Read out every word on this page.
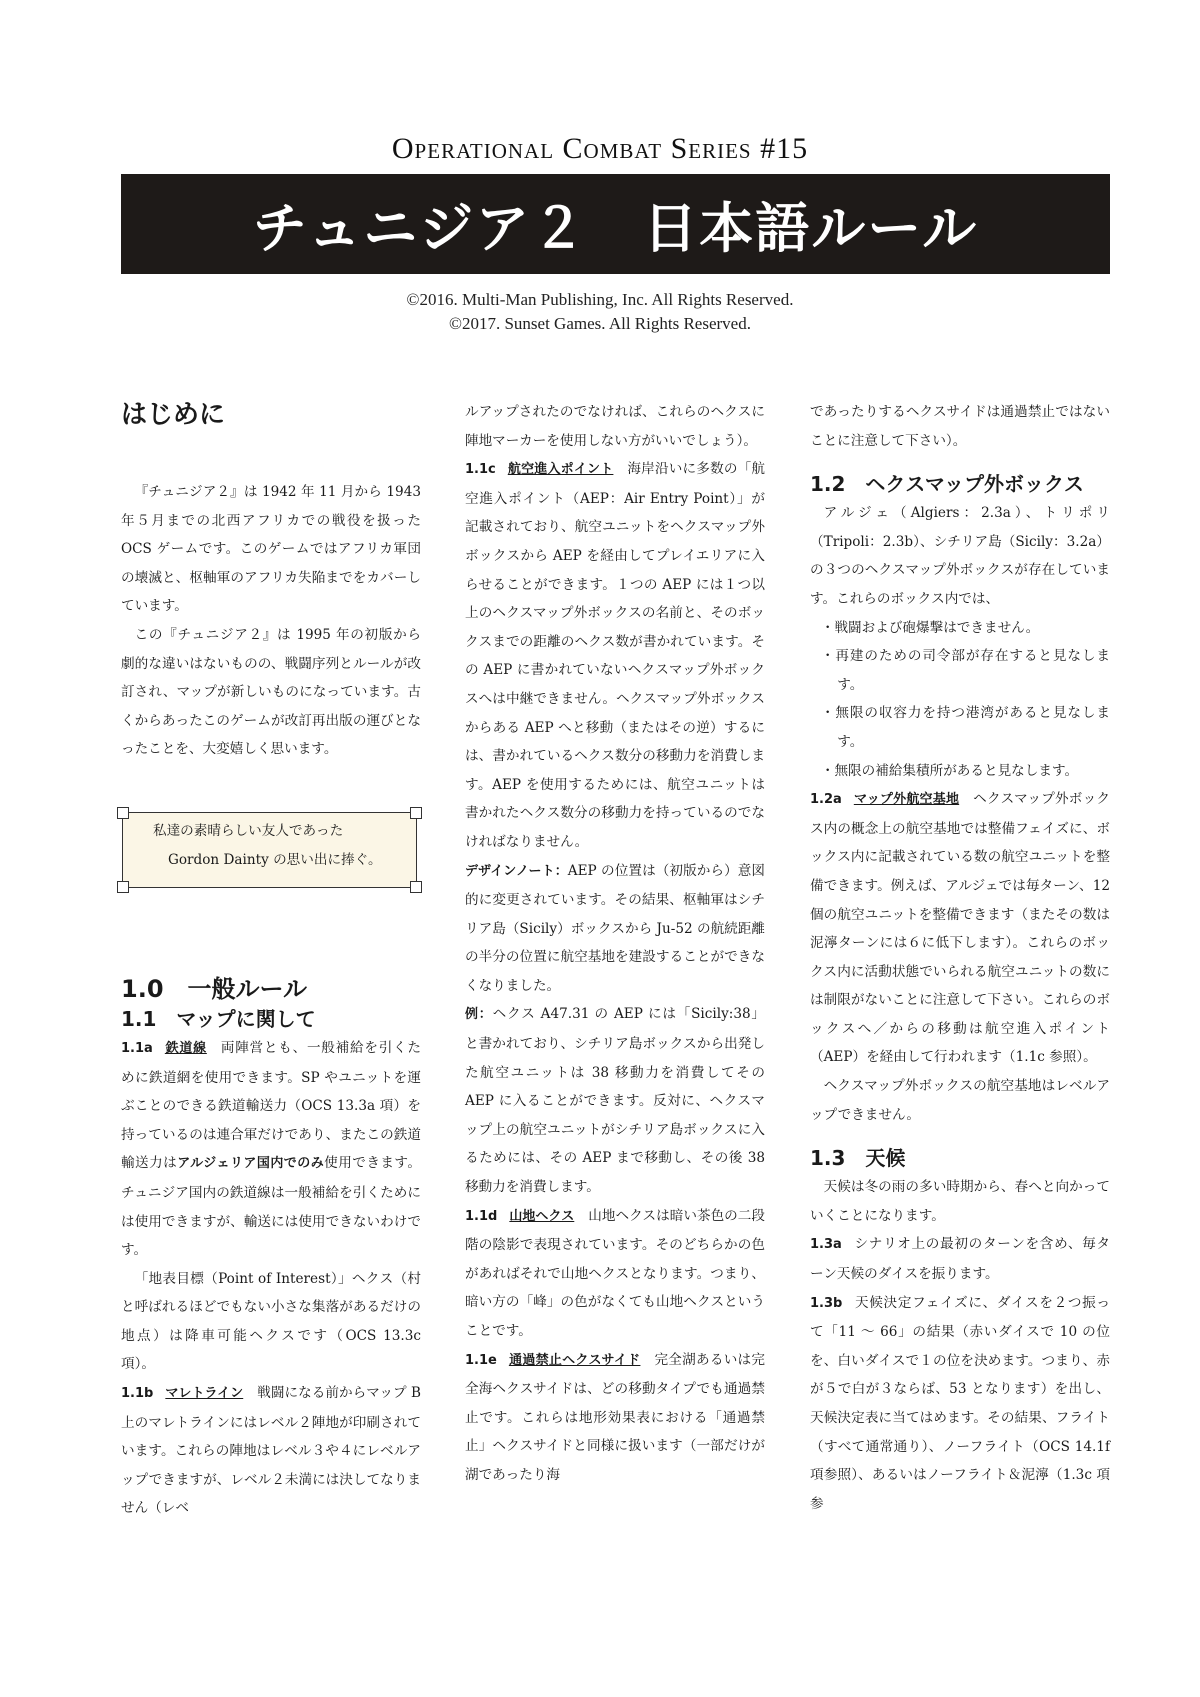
Operational Combat Series #15
チュニジア２　日本語ルール
©2016. Multi-Man Publishing, Inc. All Rights Reserved.
©2017. Sunset Games. All Rights Reserved.
はじめに

『チュニジア２』は 1942 年 11 月から 1943 年５月までの北西アフリカでの戦役を扱った OCS ゲームです。このゲームではアフリカ軍団の壊滅と、枢軸軍のアフリカ失陥までをカバーしています。

この『チュニジア２』は 1995 年の初版から劇的な違いはないものの、戦闘序列とルールが改訂され、マップが新しいものになっています。古くからあったこのゲームが改訂再出版の運びとなったことを、大変嬉しく思います。

1.0　一般ルール
1.1　マップに関して

1.1a 鉄道線 両陣営とも、一般補給を引くために鉄道網を使用できます。SP やユニットを運ぶことのできる鉄道輸送力（OCS 13.3a 項）を持っているのは連合軍だけであり、またこの鉄道輸送力はアルジェリア国内でのみ使用できます。チュニジア国内の鉄道線は一般補給を引くためには使用できますが、輸送には使用できないわけです。

「地表目標（Point of Interest）」ヘクス（村と呼ばれるほどでもない小さな集落があるだけの地点）は降車可能ヘクスです（OCS 13.3c 項）。

1.1b マレトライン 戦闘になる前からマップ B 上のマレトラインにはレベル２陣地が印刷されています。これらの陣地はレベル３や４にレベルアップできますが、レベル２未満には決してなりません（レベ

私達の素晴らしい友人であった
Gordon Dainty の思い出に捧ぐ。

ルアップされたのでなければ、これらのヘクスに陣地マーカーを使用しない方がいいでしょう）。

1.1c 航空進入ポイント 海岸沿いに多数の「航空進入ポイント（AEP：Air Entry Point）」が記載されており、航空ユニットをヘクスマップ外ボックスから AEP を経由してプレイエリアに入らせることができます。１つの AEP には１つ以上のヘクスマップ外ボックスの名前と、そのボックスまでの距離のヘクス数が書かれています。その AEP に書かれていないヘクスマップ外ボックスへは中継できません。ヘクスマップ外ボックスからある AEP へと移動（またはその逆）するには、書かれているヘクス数分の移動力を消費します。AEP を使用するためには、航空ユニットは書かれたヘクス数分の移動力を持っているのでなければなりません。

デザインノート：AEP の位置は（初版から）意図的に変更されています。その結果、枢軸軍はシチリア島（Sicily）ボックスから Ju-52 の航続距離の半分の位置に航空基地を建設することができなくなりました。

例：ヘクス A47.31 の AEP には「Sicily:38」と書かれており、シチリア島ボックスから出発した航空ユニットは 38 移動力を消費してその AEP に入ることができます。反対に、ヘクスマップ上の航空ユニットがシチリア島ボックスに入るためには、その AEP まで移動し、その後 38 移動力を消費します。

1.1d 山地ヘクス 山地ヘクスは暗い茶色の二段階の陰影で表現されています。そのどちらかの色があればそれで山地ヘクスとなります。つまり、暗い方の「峰」の色がなくても山地ヘクスということです。

1.1e 通過禁止ヘクスサイド 完全湖あるいは完全海ヘクスサイドは、どの移動タイプでも通過禁止です。これらは地形効果表における「通過禁止」ヘクスサイドと同様に扱います（一部だけが湖であったり海

であったりするヘクスサイドは通過禁止ではないことに注意して下さい）。

1.2　ヘクスマップ外ボックス

アルジェ（Algiers：2.3a）、トリポリ（Tripoli：2.3b）、シチリア島（Sicily：3.2a）の３つのヘクスマップ外ボックスが存在しています。これらのボックス内では、

・戦闘および砲爆撃はできません。

・再建のための司令部が存在すると見なします。

・無限の収容力を持つ港湾があると見なします。

・無限の補給集積所があると見なします。

1.2a マップ外航空基地 ヘクスマップ外ボックス内の概念上の航空基地では整備フェイズに、ボックス内に記載されている数の航空ユニットを整備できます。例えば、アルジェでは毎ターン、12 個の航空ユニットを整備できます（またその数は泥濘ターンには６に低下します）。これらのボックス内に活動状態でいられる航空ユニットの数には制限がないことに注意して下さい。これらのボックスへ／からの移動は航空進入ポイント（AEP）を経由して行われます（1.1c 参照）。

ヘクスマップ外ボックスの航空基地はレベルアップできません。

1.3　天候

天候は冬の雨の多い時期から、春へと向かっていくことになります。

1.3a シナリオ上の最初のターンを含め、毎ターン天候のダイスを振ります。

1.3b 天候決定フェイズに、ダイスを２つ振って「11 〜 66」の結果（赤いダイスで 10 の位を、白いダイスで１の位を決めます。つまり、赤が５で白が３ならば、53 となります）を出し、天候決定表に当てはめます。その結果、フライト（すべて通常通り）、ノーフライト（OCS 14.1f 項参照）、あるいはノーフライト＆泥濘（1.3c 項参
